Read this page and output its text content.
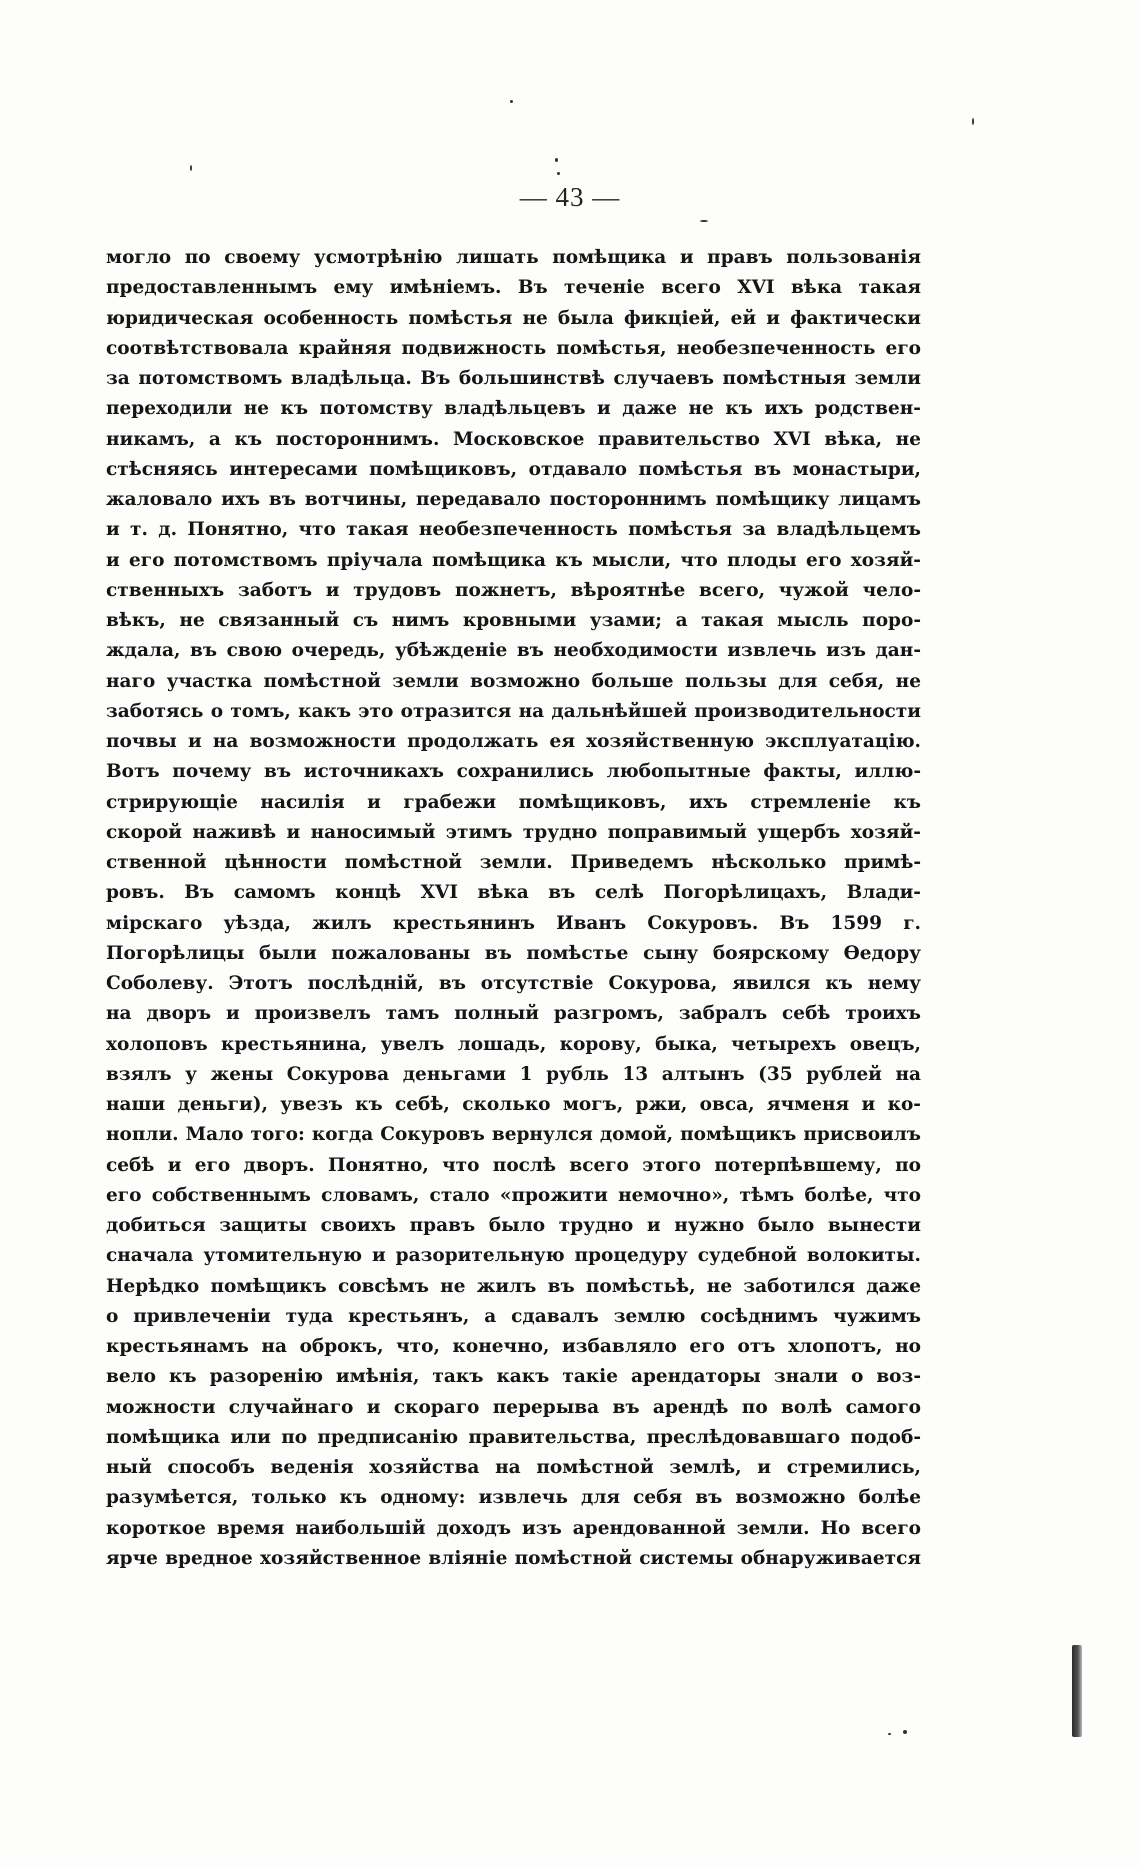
— 43 —
могло по своему усмотрѣнію лишать помѣщика и правъ пользованія
предоставленнымъ ему имѣніемъ. Въ теченіе всего XVI вѣка такая
юридическая особенность помѣстья не была фикціей, ей и фактически
соотвѣтствовала крайняя подвижность помѣстья, необезпеченность его
за потомствомъ владѣльца. Въ большинствѣ случаевъ помѣстныя земли
переходили не къ потомству владѣльцевъ и даже не къ ихъ родствен-
никамъ, а къ постороннимъ. Московское правительство XVI вѣка, не
стѣсняясь интересами помѣщиковъ, отдавало помѣстья въ монастыри,
жаловало ихъ въ вотчины, передавало постороннимъ помѣщику лицамъ
и т. д. Понятно, что такая необезпеченность помѣстья за владѣльцемъ
и его потомствомъ пріучала помѣщика къ мысли, что плоды его хозяй-
ственныхъ заботъ и трудовъ пожнетъ, вѣроятнѣе всего, чужой чело-
вѣкъ, не связанный съ нимъ кровными узами; а такая мысль поро-
ждала, въ свою очередь, убѣжденіе въ необходимости извлечь изъ дан-
наго участка помѣстной земли возможно больше пользы для себя, не
заботясь о томъ, какъ это отразится на дальнѣйшей производительности
почвы и на возможности продолжать ея хозяйственную эксплуатацію.
Вотъ почему въ источникахъ сохранились любопытные факты, иллю-
стрирующіе насилія и грабежи помѣщиковъ, ихъ стремленіе къ
скорой наживѣ и наносимый этимъ трудно поправимый ущербъ хозяй-
ственной цѣнности помѣстной земли. Приведемъ нѣсколько примѣ-
ровъ. Въ самомъ концѣ XVI вѣка въ селѣ Погорѣлицахъ, Влади-
мірскаго уѣзда, жилъ крестьянинъ Иванъ Сокуровъ. Въ 1599 г.
Погорѣлицы были пожалованы въ помѣстье сыну боярскому Ѳедору
Соболеву. Этотъ послѣдній, въ отсутствіе Сокурова, явился къ нему
на дворъ и произвелъ тамъ полный разгромъ, забралъ себѣ троихъ
холоповъ крестьянина, увелъ лошадь, корову, быка, четырехъ овецъ,
взялъ у жены Сокурова деньгами 1 рубль 13 алтынъ (35 рублей на
наши деньги), увезъ къ себѣ, сколько могъ, ржи, овса, ячменя и ко-
нопли. Мало того: когда Сокуровъ вернулся домой, помѣщикъ присвоилъ
себѣ и его дворъ. Понятно, что послѣ всего этого потерпѣвшему, по
его собственнымъ словамъ, стало «прожити немочно», тѣмъ болѣе, что
добиться защиты своихъ правъ было трудно и нужно было вынести
сначала утомительную и разорительную процедуру судебной волокиты.
Нерѣдко помѣщикъ совсѣмъ не жилъ въ помѣстьѣ, не заботился даже
о привлеченіи туда крестьянъ, а сдавалъ землю сосѣднимъ чужимъ
крестьянамъ на оброкъ, что, конечно, избавляло его отъ хлопотъ, но
вело къ разоренію имѣнія, такъ какъ такіе арендаторы знали о воз-
можности случайнаго и скораго перерыва въ арендѣ по волѣ самого
помѣщика или по предписанію правительства, преслѣдовавшаго подоб-
ный способъ веденія хозяйства на помѣстной землѣ, и стремились,
разумѣется, только къ одному: извлечь для себя въ возможно болѣе
короткое время наибольшій доходъ изъ арендованной земли. Но всего
ярче вредное хозяйственное вліяніе помѣстной системы обнаруживается
